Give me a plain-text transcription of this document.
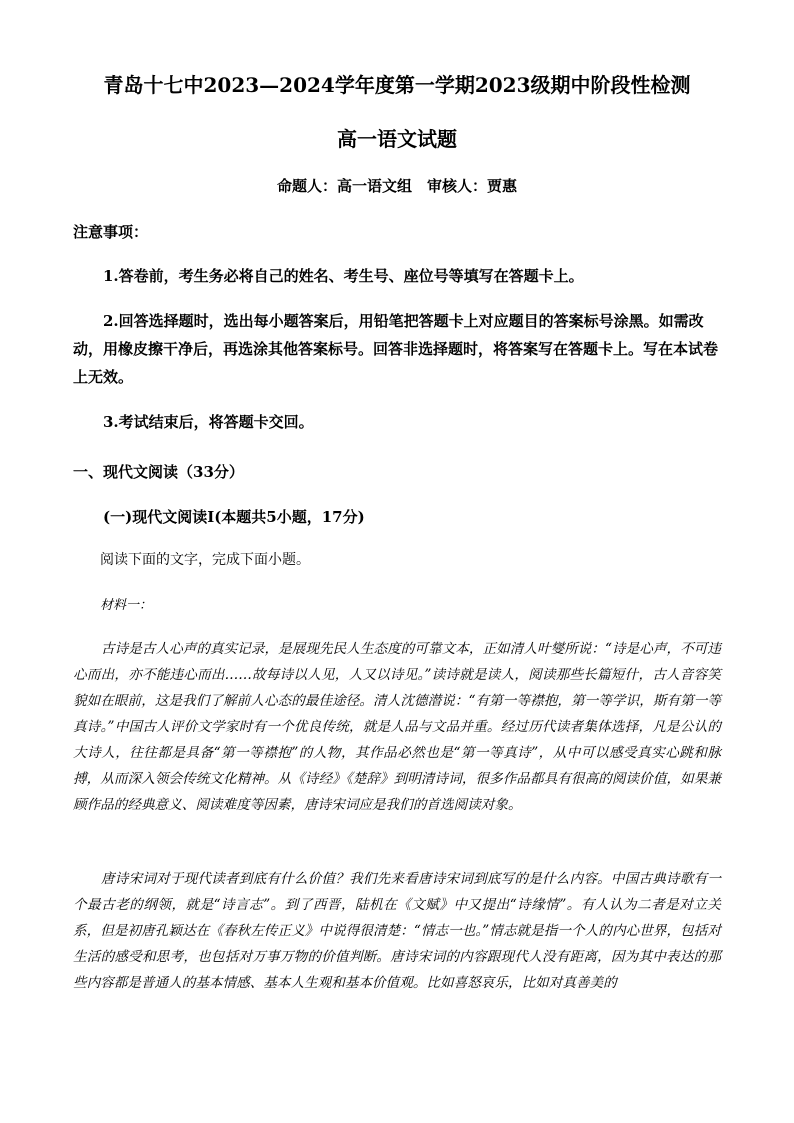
青岛十七中2023—2024学年度第一学期2023级期中阶段性检测
高一语文试题
命题人：高一语文组　审核人：贾惠

注意事项：

1.答卷前，考生务必将自己的姓名、考生号、座位号等填写在答题卡上。

2.回答选择题时，选出每小题答案后，用铅笔把答题卡上对应题目的答案标号涂黑。如需改动，用橡皮擦干净后，再选涂其他答案标号。回答非选择题时，将答案写在答题卡上。写在本试卷上无效。

3.考试结束后，将答题卡交回。

一、现代文阅读（33分）
(一)现代文阅读Ⅰ(本题共5小题，17分)
阅读下面的文字，完成下面小题。
材料一：

古诗是古人心声的真实记录，是展现先民人生态度的可靠文本，正如清人叶燮所说：“诗是心声，不可违心而出，亦不能违心而出……故每诗以人见，人又以诗见。”读诗就是读人，阅读那些长篇短什，古人音容笑貌如在眼前，这是我们了解前人心态的最佳途径。清人沈德潜说：“有第一等襟抱，第一等学识，斯有第一等真诗。”中国古人评价文学家时有一个优良传统，就是人品与文品并重。经过历代读者集体选择，凡是公认的大诗人，往往都是具备“第一等襟抱”的人物，其作品必然也是“第一等真诗”，从中可以感受真实心跳和脉搏，从而深入领会传统文化精神。从《诗经》《楚辞》到明清诗词，很多作品都具有很高的阅读价值，如果兼顾作品的经典意义、阅读难度等因素，唐诗宋词应是我们的首选阅读对象。

唐诗宋词对于现代读者到底有什么价值？我们先来看唐诗宋词到底写的是什么内容。中国古典诗歌有一个最古老的纲领，就是“诗言志”。到了西晋，陆机在《文赋》中又提出“诗缘情”。有人认为二者是对立关系，但是初唐孔颖达在《春秋左传正义》中说得很清楚：“情志一也。”情志就是指一个人的内心世界，包括对生活的感受和思考，也包括对万事万物的价值判断。唐诗宋词的内容跟现代人没有距离，因为其中表达的那些内容都是普通人的基本情感、基本人生观和基本价值观。比如喜怒哀乐，比如对真善美的
